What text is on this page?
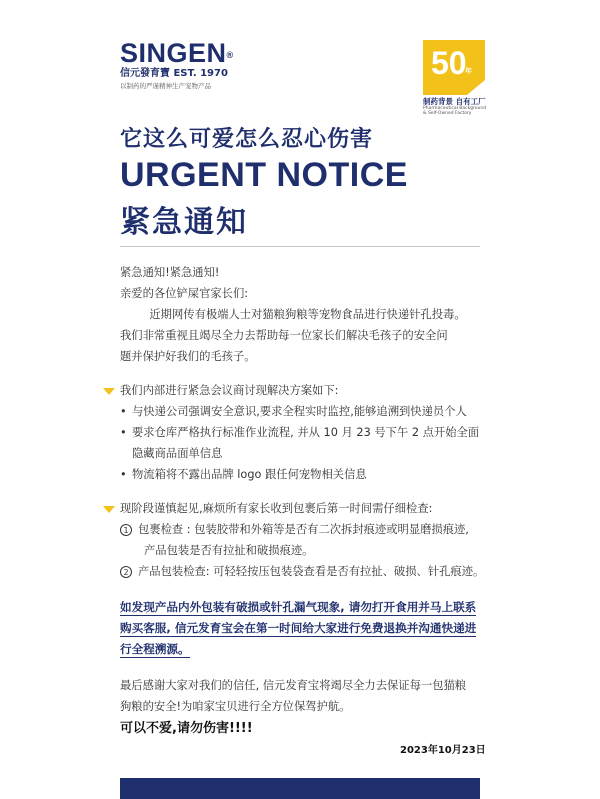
SINGEN®
信元發育寶 EST. 1970
以制药的严谨精神生产宠物产品
50
年
制药背景 自有工厂
Pharmaceutical Background
& Self-Owned Factory
它这么可爱怎么忍心伤害
URGENT NOTICE
紧急通知

紧急通知!紧急通知!

亲爱的各位铲屎官家长们:

近期网传有极端人士对猫粮狗粮等宠物食品进行快递针孔投毒。

我们非常重视且竭尽全力去帮助每一位家长们解决毛孩子的安全问

题并保护好我们的毛孩子。

我们内部进行紧急会议商讨现解决方案如下:
• 与快递公司强调安全意识,要求全程实时监控,能够追溯到快递员个人
• 要求仓库严格执行标准作业流程, 并从 10 月 23 号下午 2 点开始全面
隐藏商品面单信息
• 物流箱将不露出品牌 logo 跟任何宠物相关信息
现阶段谨慎起见,麻烦所有家长收到包裹后第一时间需仔细检查:
1 包裹检查 : 包装胶带和外箱等是否有二次拆封痕迹或明显磨损痕迹,
产品包装是否有拉扯和破损痕迹。
2 产品包装检查: 可轻轻按压包装袋查看是否有拉扯、破损、针孔痕迹。
如发现产品内外包装有破损或针孔漏气现象, 请勿打开食用并马上联系
购买客服, 信元发育宝会在第一时间给大家进行免费退换并沟通快递进
行全程溯源。

最后感谢大家对我们的信任, 信元发育宝将竭尽全力去保证每一包猫粮

狗粮的安全!为咱家宝贝进行全方位保驾护航。

可以不爱,请勿伤害!!!!
2023年10月23日
